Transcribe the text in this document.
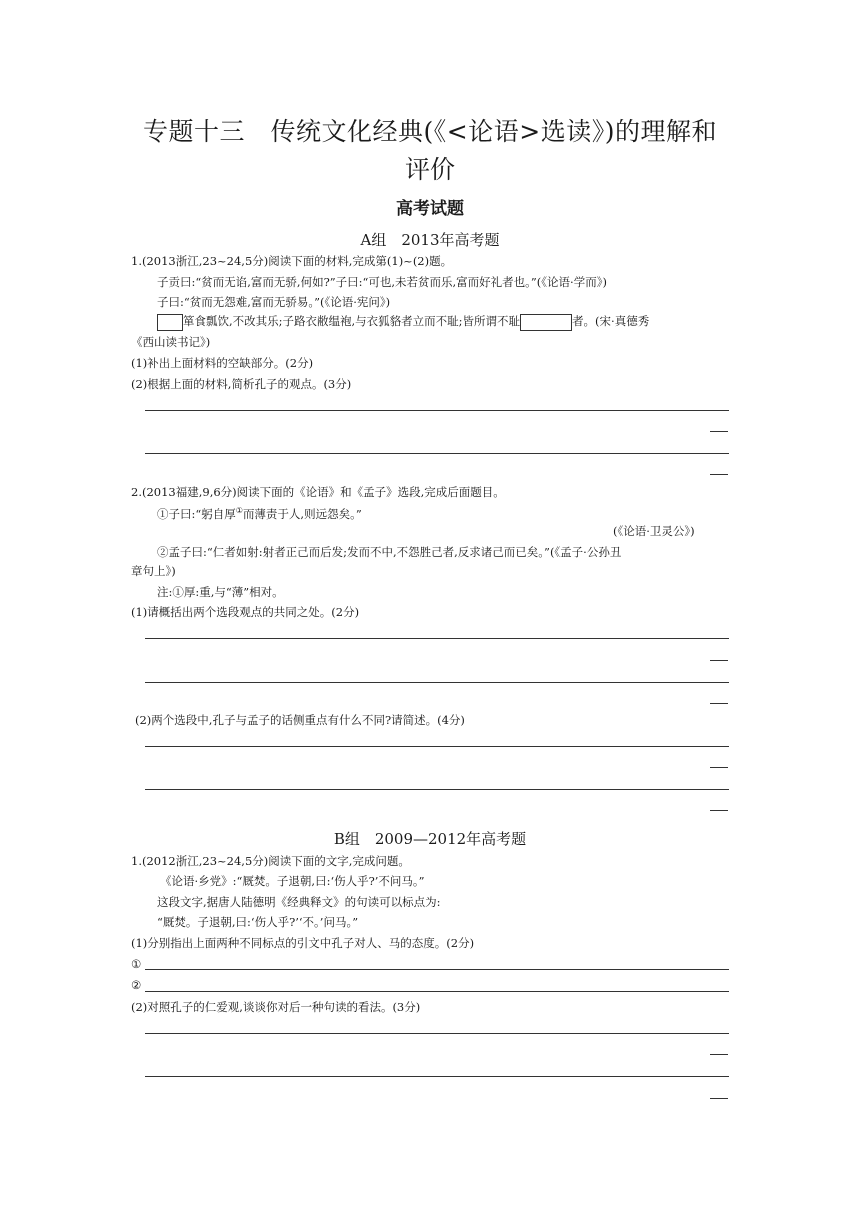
专题十三　传统文化经典(《<论语>选读》)的理解和
评价
高考试题
A组　2013年高考题
1.(2013浙江,23~24,5分)阅读下面的材料,完成第(1)~(2)题。
子贡曰:“贫而无谄,富而无骄,何如?”子曰:“可也,未若贫而乐,富而好礼者也。”(《论语·学而》)
子曰:“贫而无怨难,富而无骄易。”(《论语·宪问》)
箪食瓢饮,不改其乐;子路衣敝缊袍,与衣狐貉者立而不耻;皆所谓不耻	者。(宋·真德秀
《西山读书记》)
(1)补出上面材料的空缺部分。(2分)
(2)根据上面的材料,简析孔子的观点。(3分)
2.(2013福建,9,6分)阅读下面的《论语》和《孟子》选段,完成后面题目。
①子曰:“躬自厚①而薄责于人,则远怨矣。”
(《论语·卫灵公》)
②孟子曰:“仁者如射:射者正己而后发;发而不中,不怨胜己者,反求诸己而已矣。”(《孟子·公孙丑
章句上》)
注:①厚:重,与“薄”相对。
(1)请概括出两个选段观点的共同之处。(2分)
(2)两个选段中,孔子与孟子的话侧重点有什么不同?请简述。(4分)
B组　2009—2012年高考题
1.(2012浙江,23~24,5分)阅读下面的文字,完成问题。
《论语·乡党》:“厩焚。子退朝,曰:‘伤人乎?’不问马。”
这段文字,据唐人陆德明《经典释文》的句读可以标点为:
“厩焚。子退朝,曰:‘伤人乎?’‘不。’问马。”
(1)分别指出上面两种不同标点的引文中孔子对人、马的态度。(2分)
①
②
(2)对照孔子的仁爱观,谈谈你对后一种句读的看法。(3分)
